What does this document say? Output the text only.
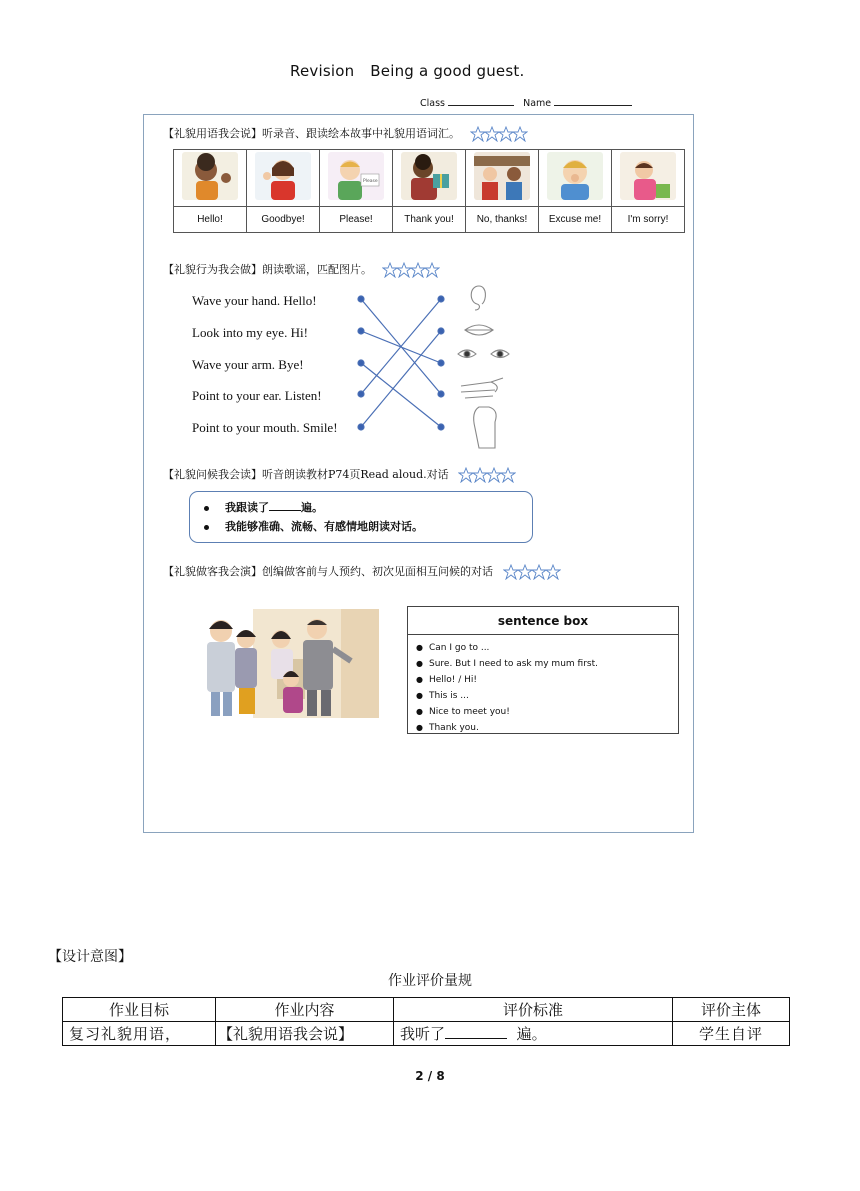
Revision Being a good guest.
Class	Name
【礼貌用语我会说】听录音、跟读绘本故事中礼貌用语词汇。

Please

Hello!	Goodbye!	Please!	Thank you!	No, thanks!	Excuse me!	I'm sorry!
【礼貌行为我会做】朗读歌谣，匹配图片。
Wave your hand. Hello!
Look into my eye. Hi!
Wave your arm. Bye!
Point to your ear. Listen!
Point to your mouth. Smile!
【礼貌问候我会读】听音朗读教材P74页Read aloud.对话
我跟读了	遍。
我能够准确、流畅、有感情地朗读对话。
【礼貌做客我会演】创编做客前与人预约、初次见面相互问候的对话
sentence box
● Can I go to ...
● Sure. But I need to ask my mum first.
● Hello! / Hi!
● This is ...
● Nice to meet you!
● Thank you.
【设计意图】
作业评价量规
作业目标	作业内容	评价标准	评价主体
复习礼貌用语，	【礼貌用语我会说】	我听了 遍。	学生自评
2 / 8
